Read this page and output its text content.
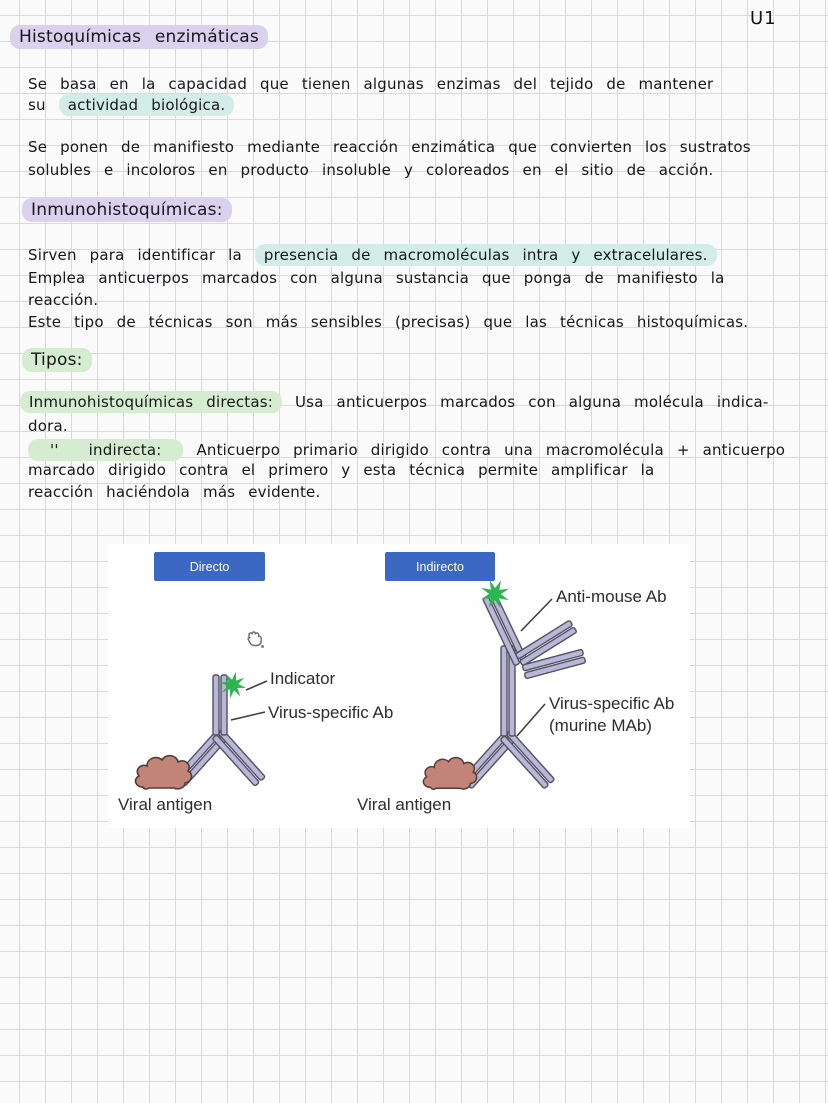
U1
Histoquímicas enzimáticas
Se basa en la capacidad que tienen algunas enzimas del tejido de mantener
su actividad biológica.
Se ponen de manifiesto mediante reacción enzimática que convierten los sustratos
solubles e incoloros en producto insoluble y coloreados en el sitio de acción.
Inmunohistoquímicas:
Sirven para identificar la presencia de macromoléculas intra y extracelulares.
Emplea anticuerpos marcados con alguna sustancia que ponga de manifiesto la
reacción.
Este tipo de técnicas son más sensibles (precisas) que las técnicas histoquímicas.
Tipos:
Inmunohistoquímicas directas: Usa anticuerpos marcados con alguna molécula indica-
dora.
'' indirecta: Anticuerpo primario dirigido contra una macromolécula + anticuerpo
marcado dirigido contra el primero y esta técnica permite amplificar la
reacción haciéndola más evidente.
Directo	Indirecto
Indicator
Virus-specific Ab
Anti-mouse Ab
Virus-specific Ab
(murine MAb)
Viral antigen	Viral antigen
